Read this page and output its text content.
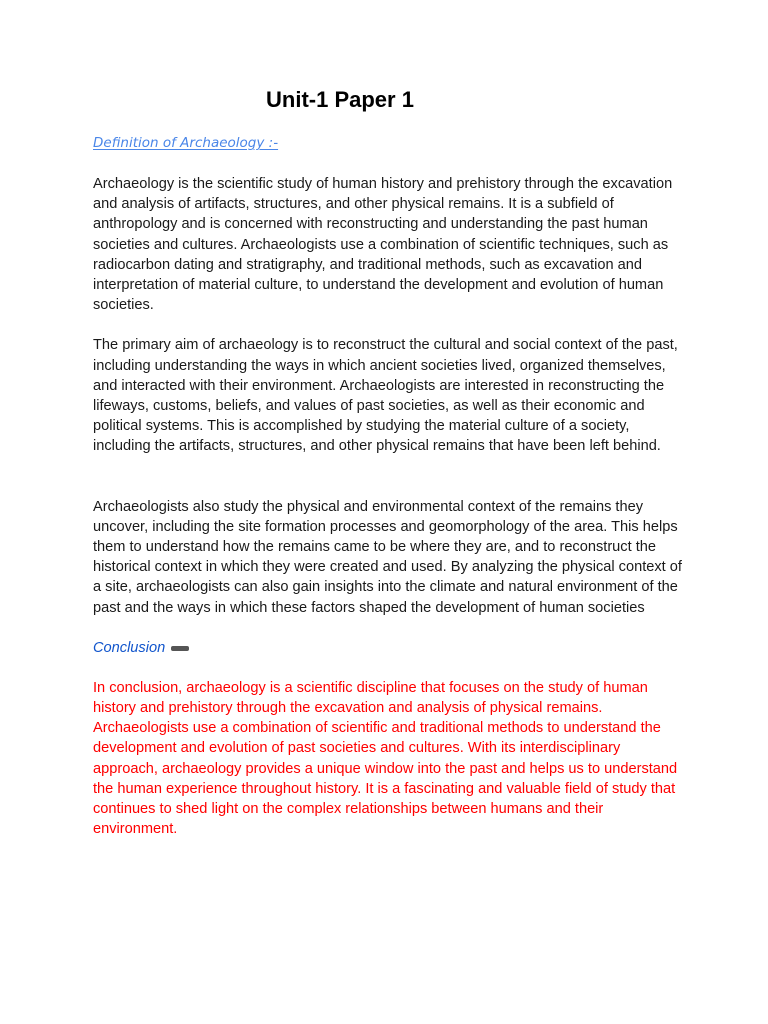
Unit-1 Paper 1
Definition of Archaeology :-

Archaeology is the scientific study of human history and prehistory through the excavation and analysis of artifacts, structures, and other physical remains. It is a subfield of anthropology and is concerned with reconstructing and understanding the past human societies and cultures. Archaeologists use a combination of scientific techniques, such as radiocarbon dating and stratigraphy, and traditional methods, such as excavation and interpretation of material culture, to understand the development and evolution of human societies.

The primary aim of archaeology is to reconstruct the cultural and social context of the past, including understanding the ways in which ancient societies lived, organized themselves, and interacted with their environment. Archaeologists are interested in reconstructing the lifeways, customs, beliefs, and values of past societies, as well as their economic and political systems. This is accomplished by studying the material culture of a society, including the artifacts, structures, and other physical remains that have been left behind.

Archaeologists also study the physical and environmental context of the remains they uncover, including the site formation processes and geomorphology of the area. This helps them to understand how the remains came to be where they are, and to reconstruct the historical context in which they were created and used. By analyzing the physical context of a site, archaeologists can also gain insights into the climate and natural environment of the past and the ways in which these factors shaped the development of human societies

Conclusion

In conclusion, archaeology is a scientific discipline that focuses on the study of human history and prehistory through the excavation and analysis of physical remains. Archaeologists use a combination of scientific and traditional methods to understand the development and evolution of past societies and cultures. With its interdisciplinary approach, archaeology provides a unique window into the past and helps us to understand the human experience throughout history. It is a fascinating and valuable field of study that continues to shed light on the complex relationships between humans and their environment.
